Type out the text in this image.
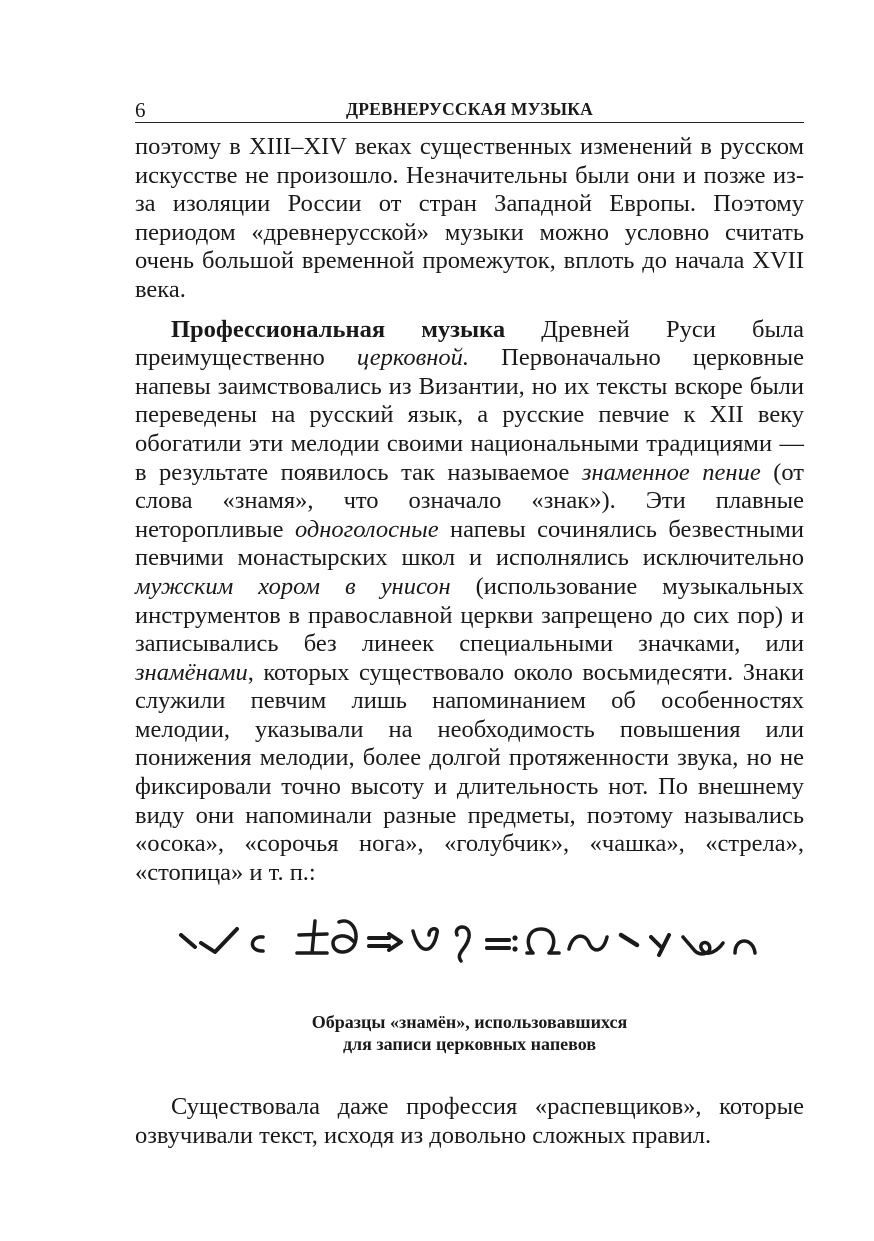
6	ДРЕВНЕРУССКАЯ МУЗЫКА

поэтому в XIII–XIV веках существенных изменений в русском искусстве не произошло. Незначительны были они и позже из-за изоляции России от стран Западной Европы. Поэтому периодом «древнерусской» музыки можно условно считать очень большой временной промежуток, вплоть до начала XVII века.

Профессиональная музыка Древней Руси была преимущественно церковной. Первоначально церковные напевы заимствовались из Византии, но их тексты вскоре были переведены на русский язык, а русские певчие к XII веку обогатили эти мелодии своими национальными традициями — в результате появилось так называемое знаменное пение (от слова «знамя», что означало «знак»). Эти плавные неторопливые одноголосные напевы сочинялись безвестными певчими монастырских школ и исполнялись исключительно мужским хором в унисон (использование музыкальных инструментов в православной церкви запрещено до сих пор) и записывались без линеек специальными значками, или знамёнами, которых существовало около восьмидесяти. Знаки служили певчим лишь напоминанием об особенностях мелодии, указывали на необходимость повышения или понижения мелодии, более долгой протяженности звука, но не фиксировали точно высоту и длительность нот. По внешнему виду они напоминали разные предметы, поэтому назывались «осока», «сорочья нога», «голубчик», «чашка», «стрела», «стопица» и т. п.:

Образцы «знамён», использовавшихся
для записи церковных напевов

Существовала даже профессия «распевщиков», которые озвучивали текст, исходя из довольно сложных правил.
